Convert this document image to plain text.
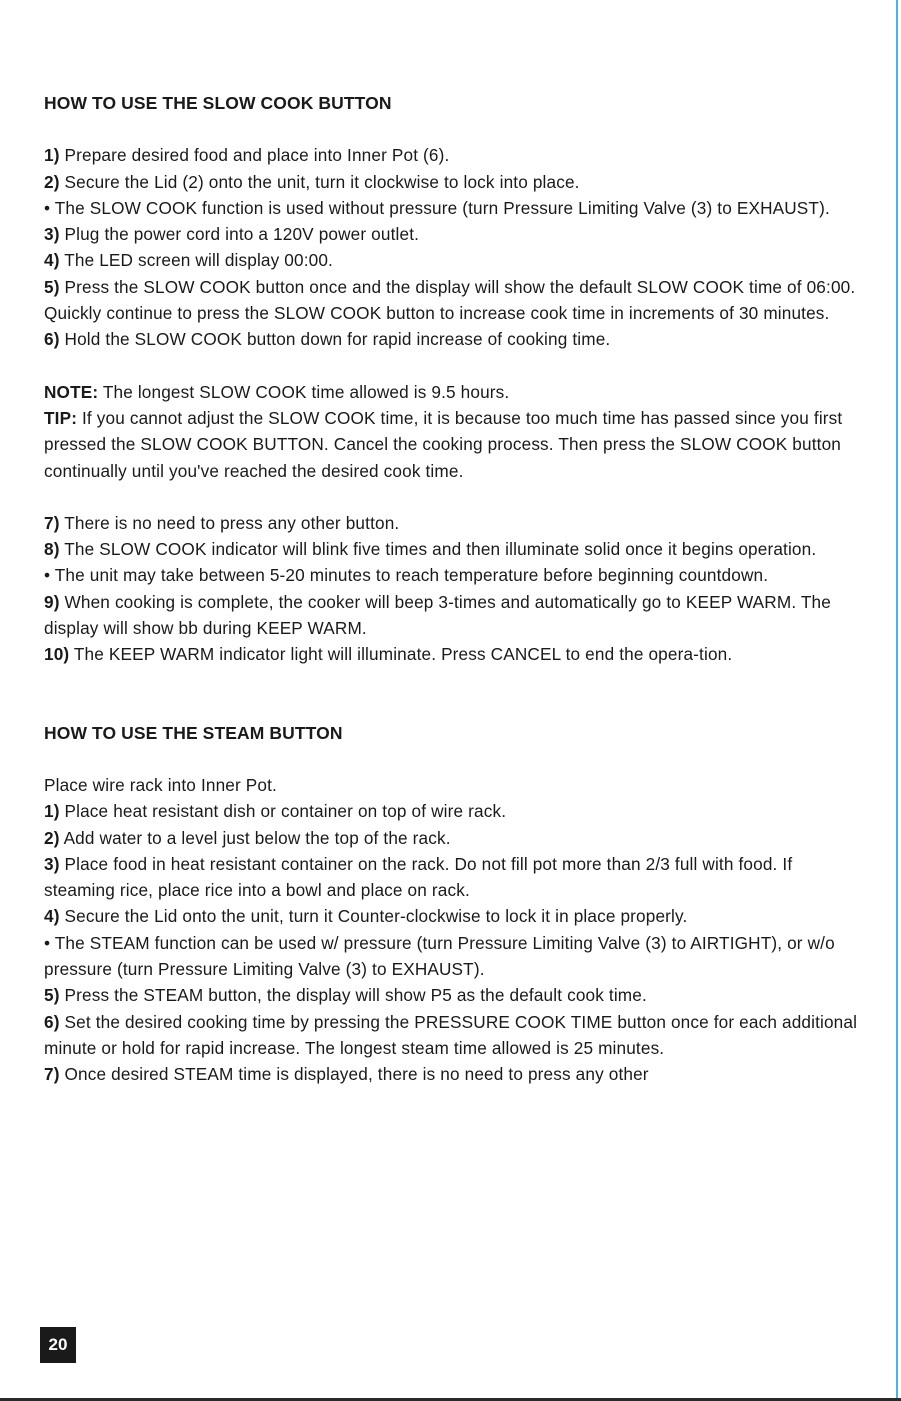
HOW TO USE THE SLOW COOK BUTTON

1) Prepare desired food and place into Inner Pot (6).

2) Secure the Lid (2) onto the unit, turn it clockwise to lock into place.

• The SLOW COOK function is used without pressure (turn Pressure Limiting Valve (3) to EXHAUST).

3) Plug the power cord into a 120V power outlet.

4) The LED screen will display 00:00.

5) Press the SLOW COOK button once and the display will show the default SLOW COOK time of 06:00. Quickly continue to press the SLOW COOK button to increase cook time in increments of 30 minutes.

6) Hold the SLOW COOK button down for rapid increase of cooking time.

NOTE: The longest SLOW COOK time allowed is 9.5 hours.

TIP: If you cannot adjust the SLOW COOK time, it is because too much time has passed since you first pressed the SLOW COOK BUTTON. Cancel the cooking process. Then press the SLOW COOK button continually until you've reached the desired cook time.

7) There is no need to press any other button.

8) The SLOW COOK indicator will blink five times and then illuminate solid once it begins operation.

• The unit may take between 5-20 minutes to reach temperature before beginning countdown.

9) When cooking is complete, the cooker will beep 3-times and automatically go to KEEP WARM. The display will show bb during KEEP WARM.

10) The KEEP WARM indicator light will illuminate. Press CANCEL to end the opera-tion.

HOW TO USE THE STEAM BUTTON

Place wire rack into Inner Pot.

1) Place heat resistant dish or container on top of wire rack.

2) Add water to a level just below the top of the rack.

3) Place food in heat resistant container on the rack. Do not fill pot more than 2/3 full with food. If steaming rice, place rice into a bowl and place on rack.

4) Secure the Lid onto the unit, turn it Counter-clockwise to lock it in place properly.

• The STEAM function can be used w/ pressure (turn Pressure Limiting Valve (3) to AIRTIGHT), or w/o pressure (turn Pressure Limiting Valve (3) to EXHAUST).

5) Press the STEAM button, the display will show P5 as the default cook time.

6) Set the desired cooking time by pressing the PRESSURE COOK TIME button once for each additional minute or hold for rapid increase. The longest steam time allowed is 25 minutes.

7) Once desired STEAM time is displayed, there is no need to press any other

20
